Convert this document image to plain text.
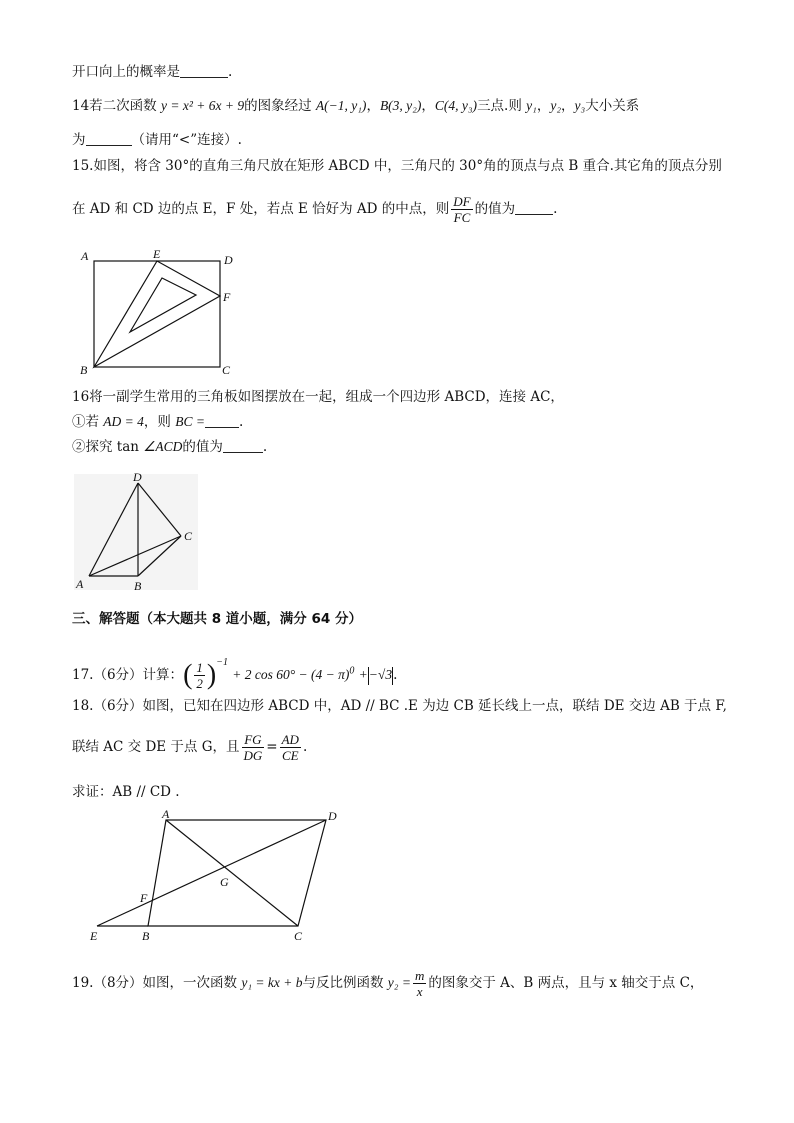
开口向上的概率是	.
14若二次函数 y = x² + 6x + 9的图象经过 A(−1, y₁)，B(3, y₂)，C(4, y₃)三点.则 y₁，y₂，y₃大小关系
为	（请用“<”连接）.
15.如图，将含 30°的直角三角尺放在矩形 ABCD 中，三角尺的 30°角的顶点与点 B 重合.其它角的顶点分别
在 AD 和 CD 边的点 E，F 处，若点 E 恰好为 AD 的中点，则 $\frac{DF}{FC}$ 的值为	.
A	E	D
F
B	C
16将一副学生常用的三角板如图摆放在一起，组成一个四边形 ABCD，连接 AC，
①若 AD = 4，则 BC =	.
②探究 tan ∠ACD的值为	.
D
C
A	B
三、解答题（本大题共 8 道小题，满分 64 分）
17.（6分）计算：( $\frac{1}{2} )^{-1} + 2$ $\cos 60^\circ - (4 - \pi)^0 +-√3$.
18.（6分）如图，已知在四边形 ABCD 中，AD // BC .E 为边 CB 延长线上一点，联结 DE 交边 AB 于点 F,
联结 AC 交 DE 于点 G，且 $\frac{FG}{DG} = \frac{AD}{CE}$ .
求证：AB // CD .
A	D
G
F
E	B	C
19.（8分）如图，一次函数 y₁ = kx + b与反比例函数 $y_2 = \frac{m}{x}$ 的图象交于 A、B 两点，且与 x 轴交于点 C，
